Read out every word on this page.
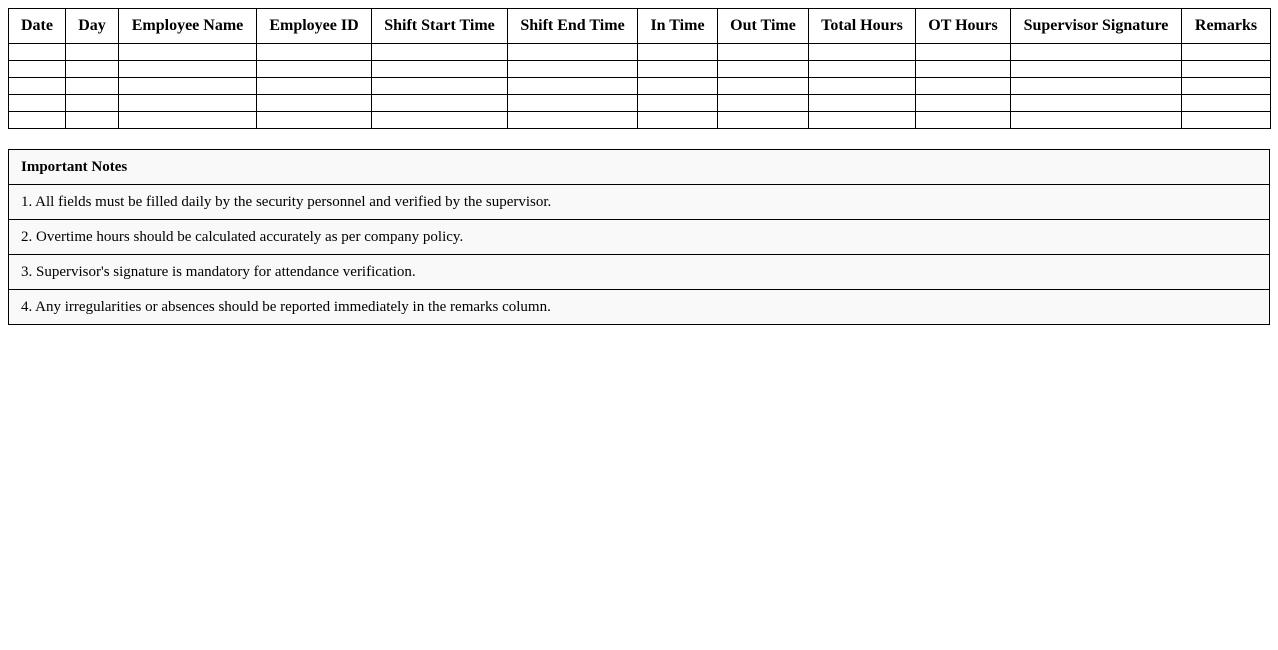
Date	Day	Employee Name	Employee ID	Shift Start Time	Shift End Time	In Time	Out Time	Total Hours	OT Hours	Supervisor Signature	Remarks

Important Notes
1. All fields must be filled daily by the security personnel and verified by the supervisor.
2. Overtime hours should be calculated accurately as per company policy.
3. Supervisor's signature is mandatory for attendance verification.
4. Any irregularities or absences should be reported immediately in the remarks column.
